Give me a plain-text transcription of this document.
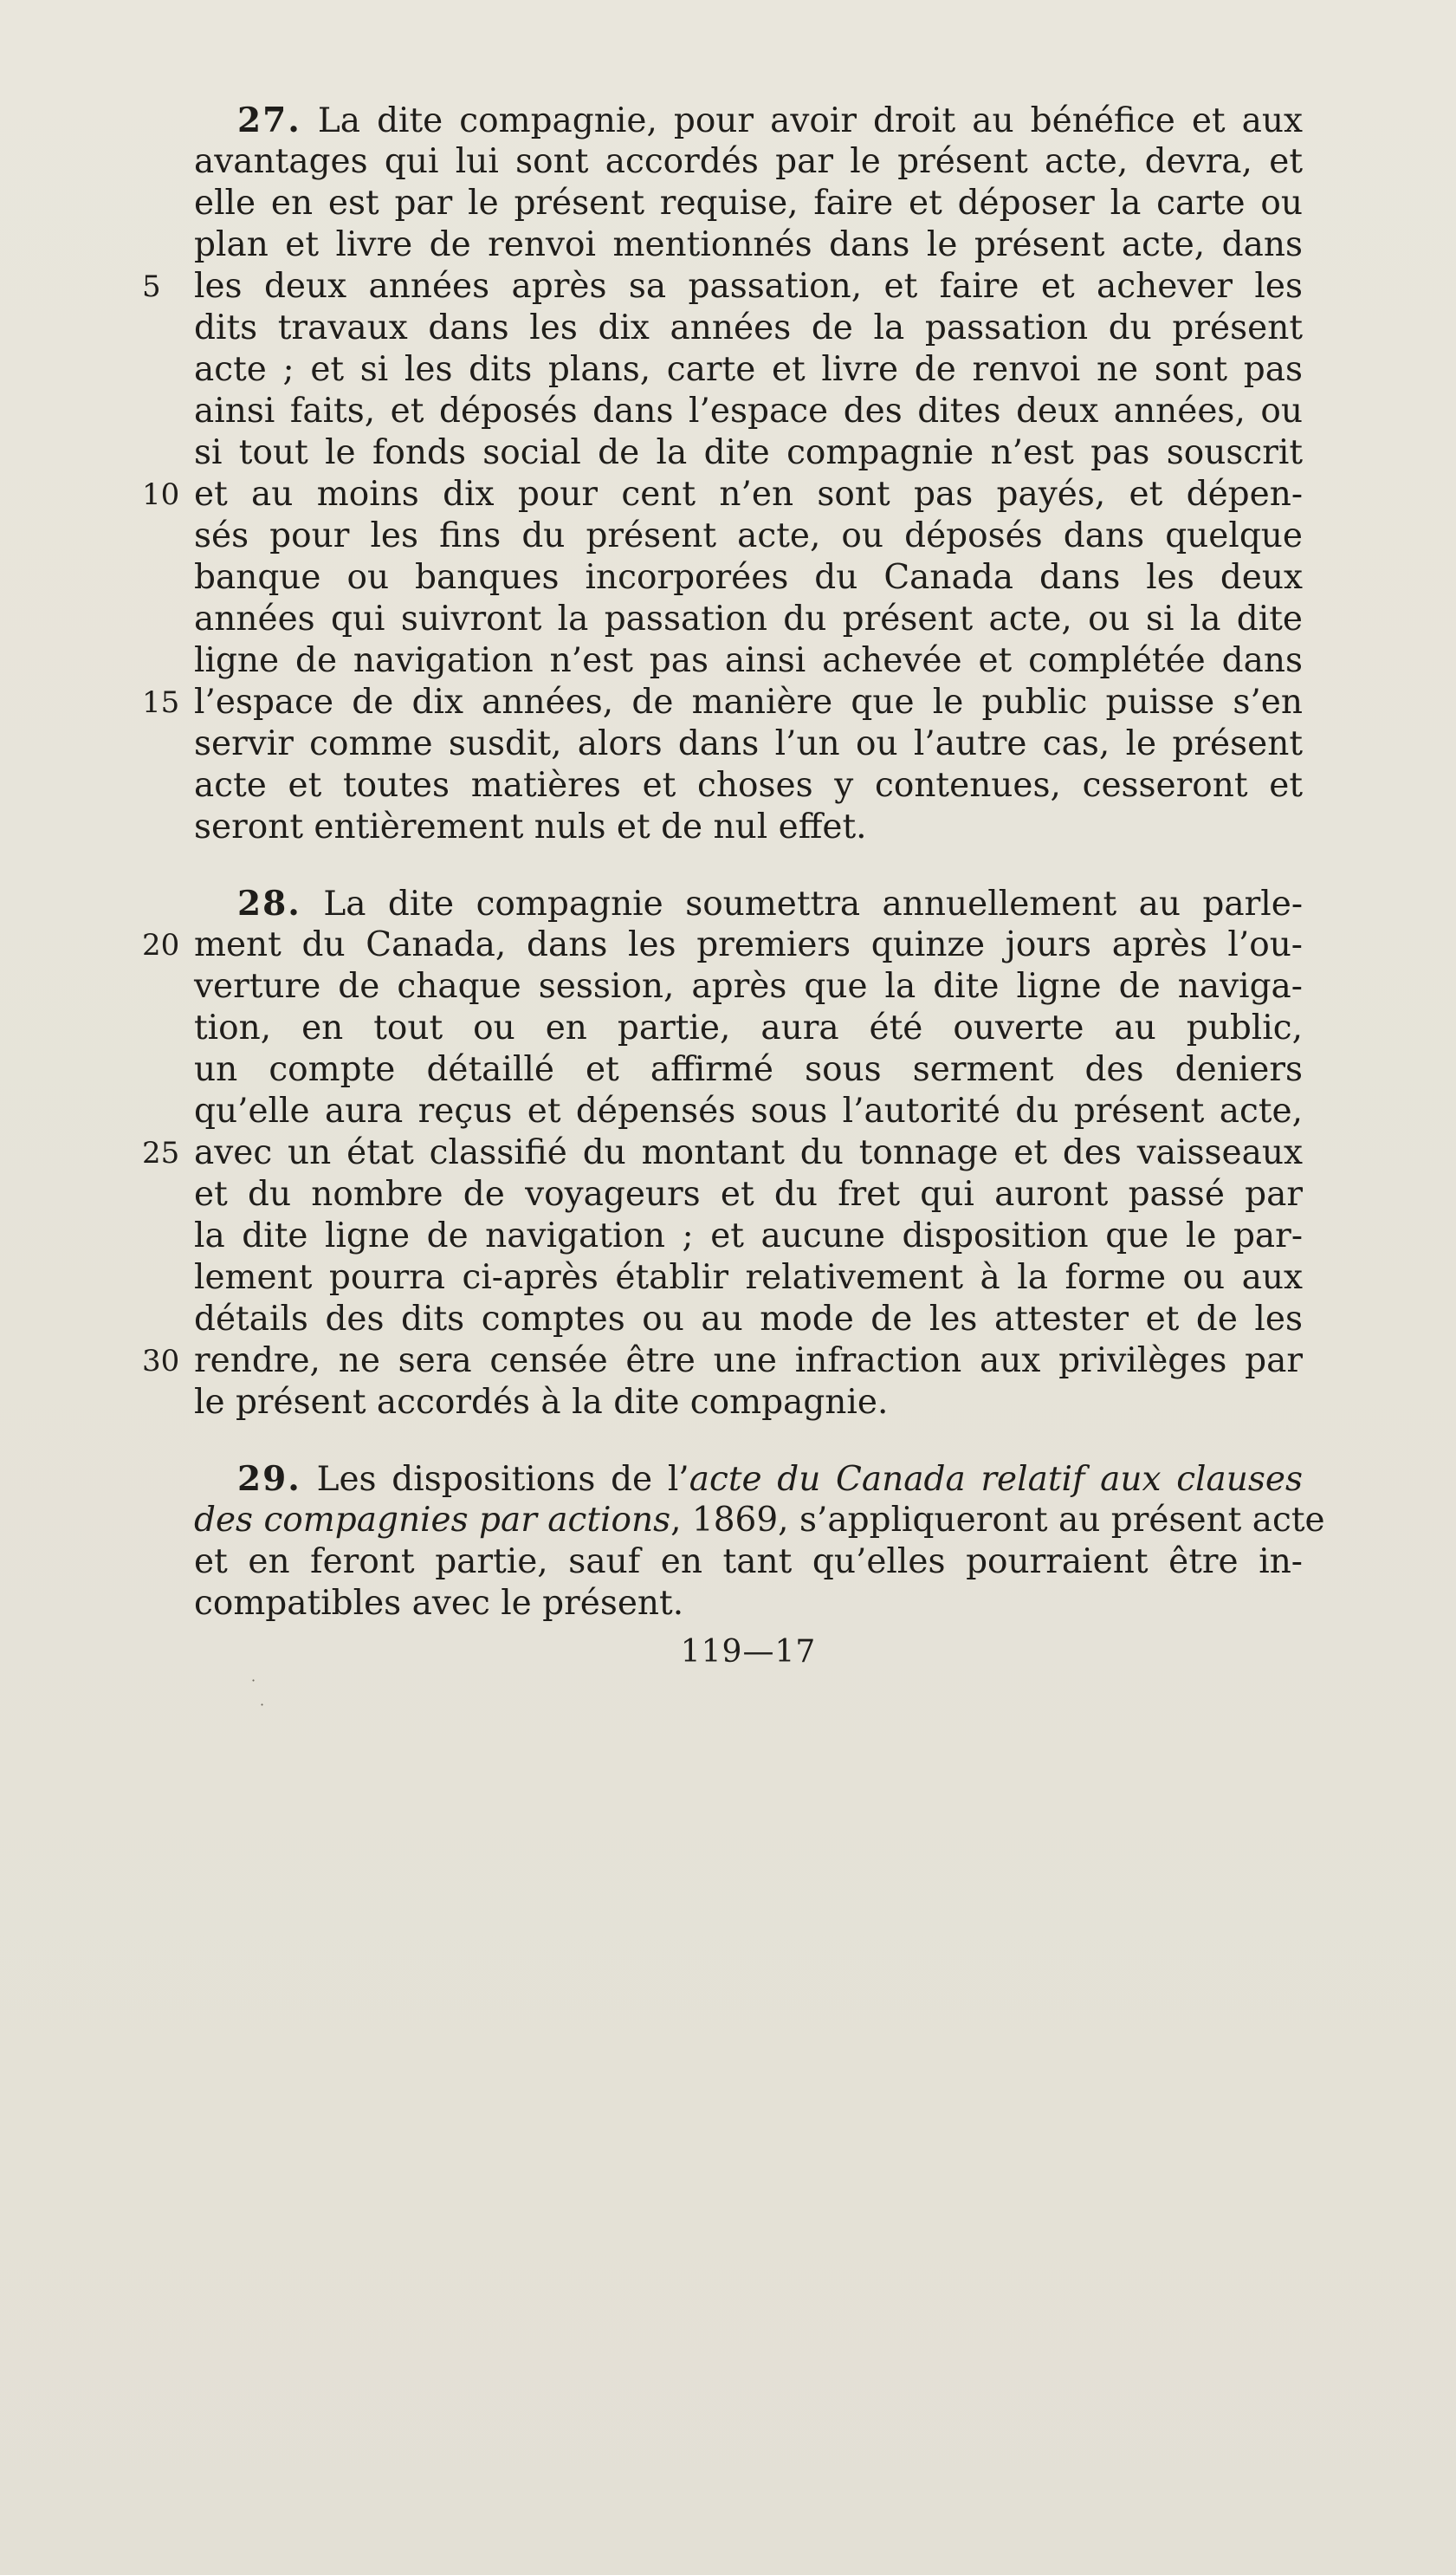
27. La dite compagnie, pour avoir droit au bénéfice et aux
avantages qui lui sont accordés par le présent acte, devra, et
elle en est par le présent requise, faire et déposer la carte ou
plan et livre de renvoi mentionnés dans le présent acte, dans
5 les deux années après sa passation, et faire et achever les
dits travaux dans les dix années de la passation du présent
acte ; et si les dits plans, carte et livre de renvoi ne sont pas
ainsi faits, et déposés dans l’espace des dites deux années, ou
si tout le fonds social de la dite compagnie n’est pas souscrit
10 et au moins dix pour cent n’en sont pas payés, et dépen-
sés pour les fins du présent acte, ou déposés dans quelque
banque ou banques incorporées du Canada dans les deux
années qui suivront la passation du présent acte, ou si la dite
ligne de navigation n’est pas ainsi achevée et complétée dans
15 l’espace de dix années, de manière que le public puisse s’en
servir comme susdit, alors dans l’un ou l’autre cas, le présent
acte et toutes matières et choses y contenues, cesseront et
seront entièrement nuls et de nul effet.
28. La dite compagnie soumettra annuellement au parle-
20 ment du Canada, dans les premiers quinze jours après l’ou-
verture de chaque session, après que la dite ligne de naviga-
tion, en tout ou en partie, aura été ouverte au public,
un compte détaillé et affirmé sous serment des deniers
qu’elle aura reçus et dépensés sous l’autorité du présent acte,
25 avec un état classifié du montant du tonnage et des vaisseaux
et du nombre de voyageurs et du fret qui auront passé par
la dite ligne de navigation ; et aucune disposition que le par-
lement pourra ci-après établir relativement à la forme ou aux
détails des dits comptes ou au mode de les attester et de les
30 rendre, ne sera censée être une infraction aux privilèges par
le présent accordés à la dite compagnie.
29. Les dispositions de l’acte du Canada relatif aux clauses
des compagnies par actions, 1869, s’appliqueront au présent acte
et en feront partie, sauf en tant qu’elles pourraient être in-
compatibles avec le présent.
119—17
·
·
